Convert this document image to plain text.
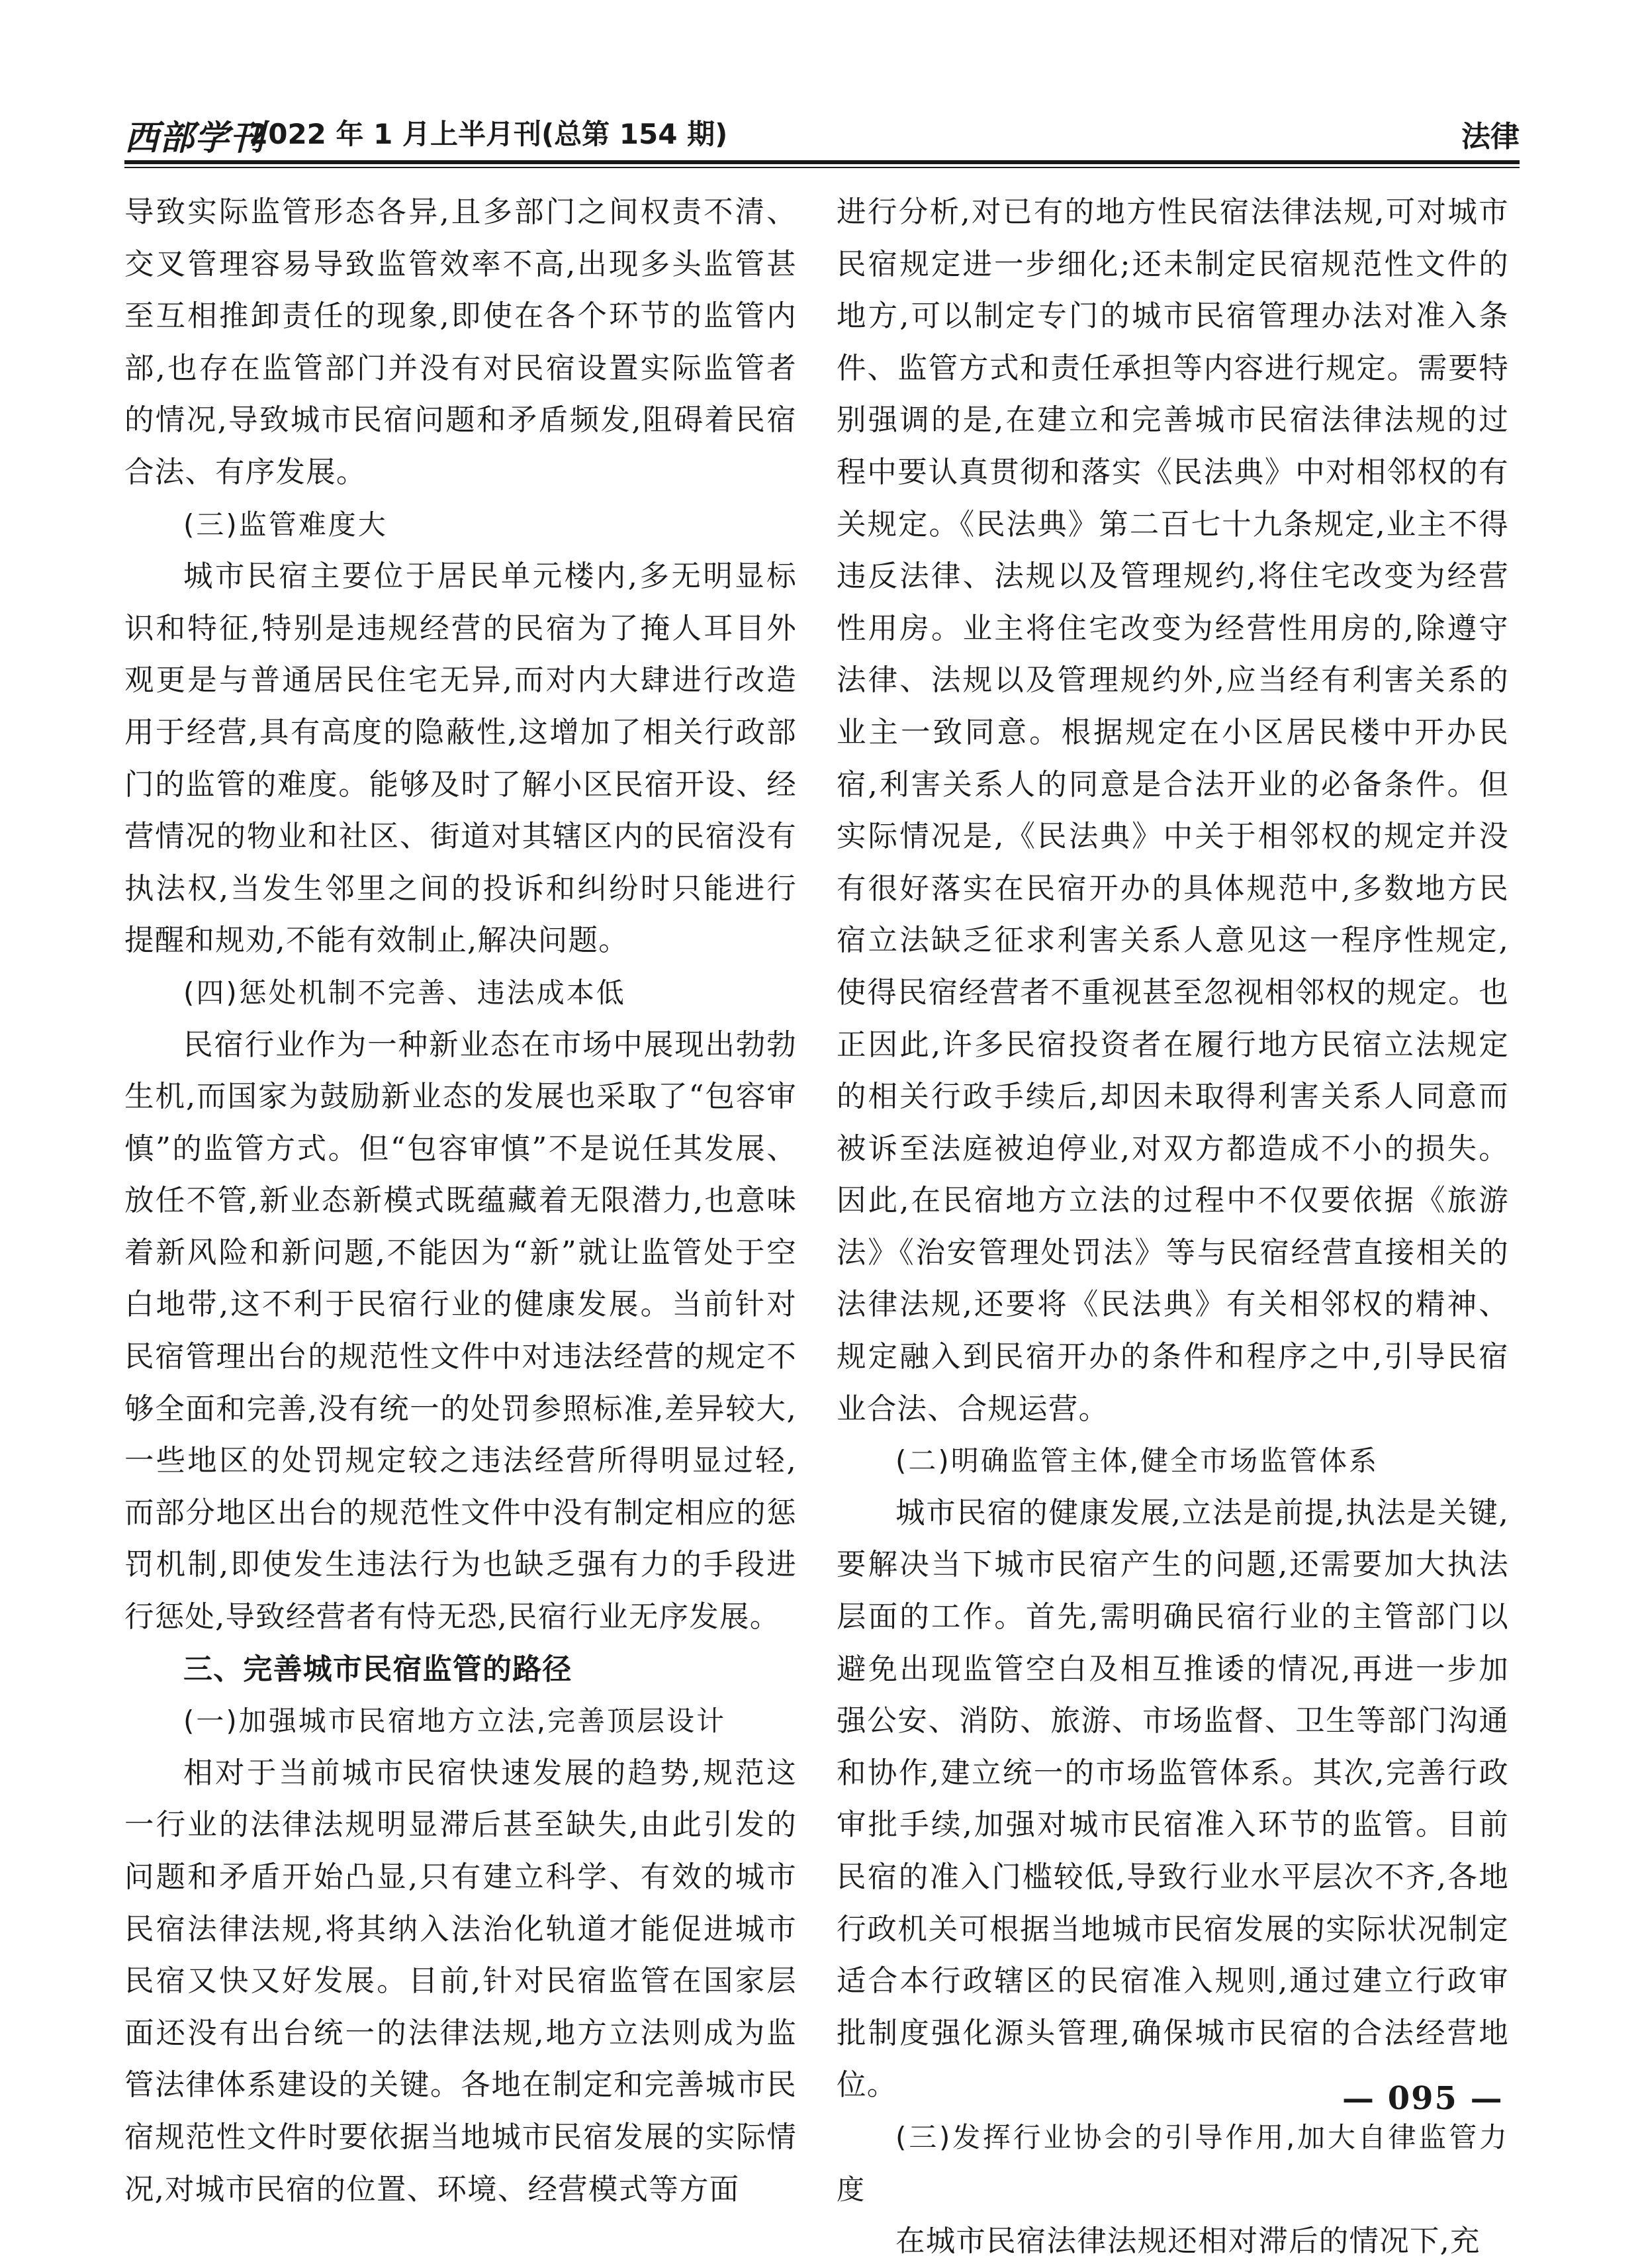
西部学刊
2022 年 1 月上半月刊(总第 154 期)	法律

导致实际监管形态各异,且多部门之间权责不清、交叉管理容易导致监管效率不高,出现多头监管甚至互相推卸责任的现象,即使在各个环节的监管内部,也存在监管部门并没有对民宿设置实际监管者的情况,导致城市民宿问题和矛盾频发,阻碍着民宿合法、有序发展。

(三)监管难度大

城市民宿主要位于居民单元楼内,多无明显标识和特征,特别是违规经营的民宿为了掩人耳目外观更是与普通居民住宅无异,而对内大肆进行改造用于经营,具有高度的隐蔽性,这增加了相关行政部门的监管的难度。能够及时了解小区民宿开设、经营情况的物业和社区、街道对其辖区内的民宿没有执法权,当发生邻里之间的投诉和纠纷时只能进行提醒和规劝,不能有效制止,解决问题。

(四)惩处机制不完善、违法成本低

民宿行业作为一种新业态在市场中展现出勃勃生机,而国家为鼓励新业态的发展也采取了“包容审慎”的监管方式。但“包容审慎”不是说任其发展、放任不管,新业态新模式既蕴藏着无限潜力,也意味着新风险和新问题,不能因为“新”就让监管处于空白地带,这不利于民宿行业的健康发展。当前针对民宿管理出台的规范性文件中对违法经营的规定不够全面和完善,没有统一的处罚参照标准,差异较大,一些地区的处罚规定较之违法经营所得明显过轻,而部分地区出台的规范性文件中没有制定相应的惩罚机制,即使发生违法行为也缺乏强有力的手段进行惩处,导致经营者有恃无恐,民宿行业无序发展。

三、完善城市民宿监管的路径

(一)加强城市民宿地方立法,完善顶层设计

相对于当前城市民宿快速发展的趋势,规范这一行业的法律法规明显滞后甚至缺失,由此引发的问题和矛盾开始凸显,只有建立科学、有效的城市民宿法律法规,将其纳入法治化轨道才能促进城市民宿又快又好发展。目前,针对民宿监管在国家层面还没有出台统一的法律法规,地方立法则成为监管法律体系建设的关键。各地在制定和完善城市民宿规范性文件时要依据当地城市民宿发展的实际情况,对城市民宿的位置、环境、经营模式等方面

进行分析,对已有的地方性民宿法律法规,可对城市民宿规定进一步细化;还未制定民宿规范性文件的地方,可以制定专门的城市民宿管理办法对准入条件、监管方式和责任承担等内容进行规定。需要特别强调的是,在建立和完善城市民宿法律法规的过程中要认真贯彻和落实《民法典》中对相邻权的有关规定。《民法典》第二百七十九条规定,业主不得违反法律、法规以及管理规约,将住宅改变为经营性用房。业主将住宅改变为经营性用房的,除遵守法律、法规以及管理规约外,应当经有利害关系的业主一致同意。根据规定在小区居民楼中开办民宿,利害关系人的同意是合法开业的必备条件。但实际情况是,《民法典》中关于相邻权的规定并没有很好落实在民宿开办的具体规范中,多数地方民宿立法缺乏征求利害关系人意见这一程序性规定,使得民宿经营者不重视甚至忽视相邻权的规定。也正因此,许多民宿投资者在履行地方民宿立法规定的相关行政手续后,却因未取得利害关系人同意而被诉至法庭被迫停业,对双方都造成不小的损失。因此,在民宿地方立法的过程中不仅要依据《旅游法》《治安管理处罚法》等与民宿经营直接相关的法律法规,还要将《民法典》有关相邻权的精神、规定融入到民宿开办的条件和程序之中,引导民宿业合法、合规运营。

(二)明确监管主体,健全市场监管体系

城市民宿的健康发展,立法是前提,执法是关键,要解决当下城市民宿产生的问题,还需要加大执法层面的工作。首先,需明确民宿行业的主管部门以避免出现监管空白及相互推诿的情况,再进一步加强公安、消防、旅游、市场监督、卫生等部门沟通和协作,建立统一的市场监管体系。其次,完善行政审批手续,加强对城市民宿准入环节的监管。目前民宿的准入门槛较低,导致行业水平层次不齐,各地行政机关可根据当地城市民宿发展的实际状况制定适合本行政辖区的民宿准入规则,通过建立行政审批制度强化源头管理,确保城市民宿的合法经营地位。

(三)发挥行业协会的引导作用,加大自律监管力度

在城市民宿法律法规还相对滞后的情况下,充

— 095 —
